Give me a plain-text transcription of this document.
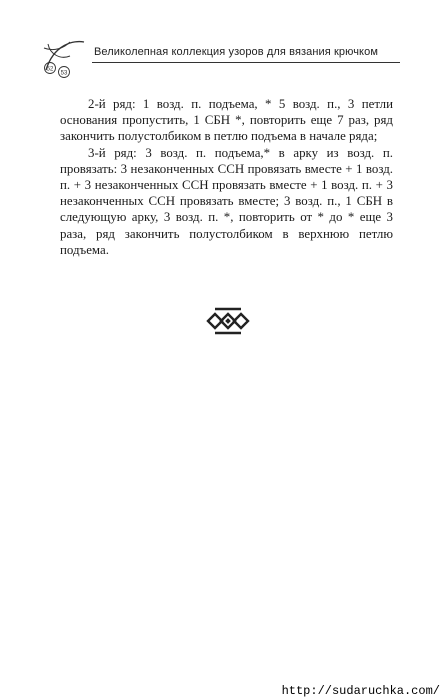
52
53
Великолепная коллекция узоров для вязания крючком

2-й ряд: 1 возд. п. подъема, * 5 возд. п., 3 петли основания пропустить, 1 СБН *, повторить еще 7 раз, ряд закончить полустолбиком в петлю подъема в начале ряда;

3-й ряд: 3 возд. п. подъема,* в арку из возд. п. провязать: 3 незаконченных ССН провязать вместе + 1 возд. п. + 3 незаконченных ССН провязать вместе + 1 возд. п. + 3 незаконченных ССН провязать вместе; 3 возд. п., 1 СБН в следующую арку, 3 возд. п. *, повторить от * до * еще 3 раза, ряд закончить полустолбиком в верхнюю петлю подъема.

http://sudaruchka.com/
